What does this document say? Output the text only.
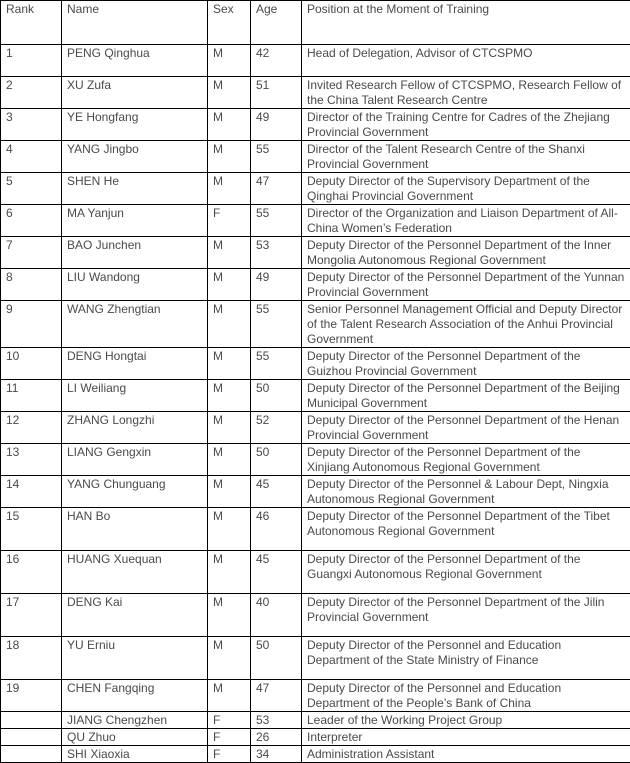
Rank	Name	Sex	Age	Position at the Moment of Training
1	PENG Qinghua	M	42	Head of Delegation, Advisor of CTCSPMO
2	XU Zufa	M	51	Invited Research Fellow of CTCSPMO, Research Fellow of the China Talent Research Centre
3	YE Hongfang	M	49	Director of the Training Centre for Cadres of the Zhejiang Provincial Government
4	YANG Jingbo	M	55	Director of the Talent Research Centre of the Shanxi Provincial Government
5	SHEN He	M	47	Deputy Director of the Supervisory Department of the Qinghai Provincial Government
6	MA Yanjun	F	55	Director of the Organization and Liaison Department of All-China Women’s Federation
7	BAO Junchen	M	53	Deputy Director of the Personnel Department of the Inner Mongolia Autonomous Regional Government
8	LIU Wandong	M	49	Deputy Director of the Personnel Department of the Yunnan Provincial Government
9	WANG Zhengtian	M	55	Senior Personnel Management Official and Deputy Director of the Talent Research Association of the Anhui Provincial Government
10	DENG Hongtai	M	55	Deputy Director of the Personnel Department of the Guizhou Provincial Government
11	LI Weiliang	M	50	Deputy Director of the Personnel Department of the Beijing Municipal Government
12	ZHANG Longzhi	M	52	Deputy Director of the Personnel Department of the Henan Provincial Government
13	LIANG Gengxin	M	50	Deputy Director of the Personnel Department of the Xinjiang Autonomous Regional Government
14	YANG Chunguang	M	45	Deputy Director of the Personnel & Labour Dept, Ningxia Autonomous Regional Government
15	HAN Bo	M	46	Deputy Director of the Personnel Department of the Tibet Autonomous Regional Government
16	HUANG Xuequan	M	45	Deputy Director of the Personnel Department of the Guangxi Autonomous Regional Government
17	DENG Kai	M	40	Deputy Director of the Personnel Department of the Jilin Provincial Government
18	YU Erniu	M	50	Deputy Director of the Personnel and Education Department of the State Ministry of Finance
19	CHEN Fangqing	M	47	Deputy Director of the Personnel and Education Department of the People’s Bank of China
	JIANG Chengzhen	F	53	Leader of the Working Project Group
	QU Zhuo	F	26	Interpreter
	SHI Xiaoxia	F	34	Administration Assistant
